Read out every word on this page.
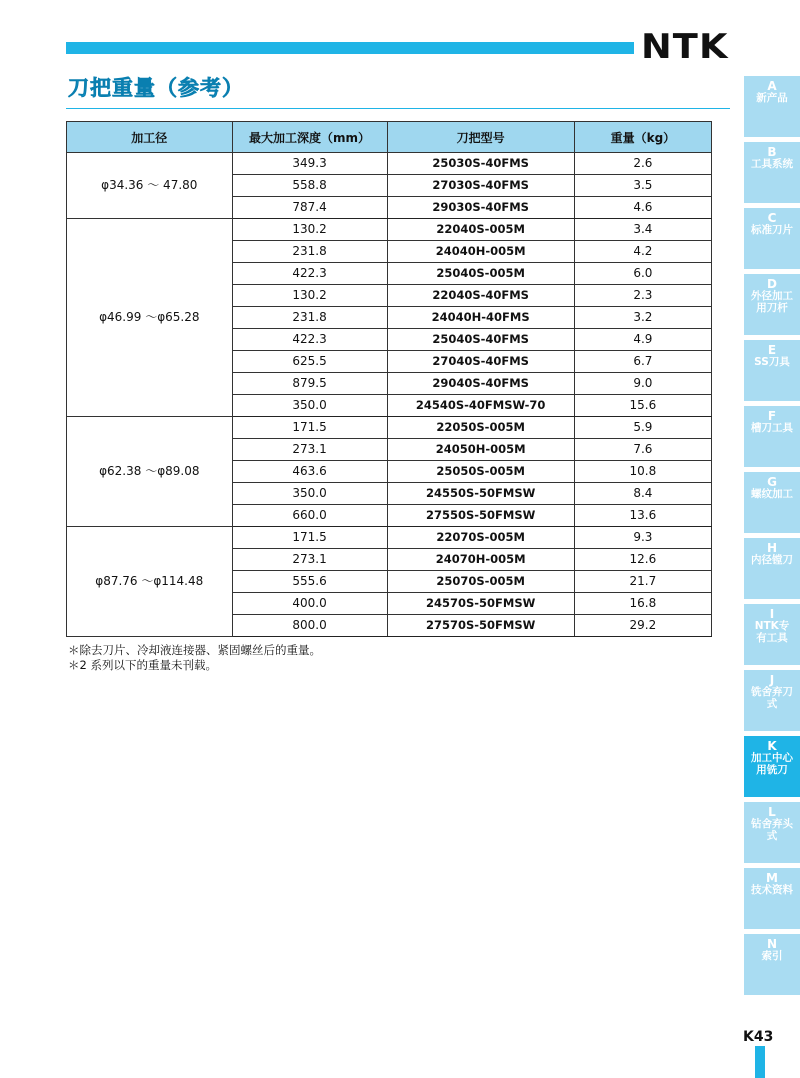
NTK
刀把重量（参考）
加工径	最大加工深度（mm）	刀把型号	重量（kg）
φ34.36 ～ 47.80	349.3	25030S-40FMS	2.6
	558.8	27030S-40FMS	3.5
	787.4	29030S-40FMS	4.6
φ46.99 ～φ65.28	130.2	22040S-005M	3.4
	231.8	24040H-005M	4.2
	422.3	25040S-005M	6.0
	130.2	22040S-40FMS	2.3
	231.8	24040H-40FMS	3.2
	422.3	25040S-40FMS	4.9
	625.5	27040S-40FMS	6.7
	879.5	29040S-40FMS	9.0
	350.0	24540S-40FMSW-70	15.6
φ62.38 ～φ89.08	171.5	22050S-005M	5.9
	273.1	24050H-005M	7.6
	463.6	25050S-005M	10.8
	350.0	24550S-50FMSW	8.4
	660.0	27550S-50FMSW	13.6
φ87.76 ～φ114.48	171.5	22070S-005M	9.3
	273.1	24070H-005M	12.6
	555.6	25070S-005M	21.7
	400.0	24570S-50FMSW	16.8
	800.0	27570S-50FMSW	29.2
＊除去刀片、冷却液连接器、紧固螺丝后的重量。
＊2 系列以下的重量未刊载。
A
新产品
B
工具系统
C
标准刀片
D
外径加工用刀杆
E
SS刀具
F
槽刀工具
G
螺纹加工
H
内径镗刀
I
NTK专有工具
J
铣舍弃刀式
K
加工中心用铣刀
L
钻舍弃头式
M
技术资料
N
索引
K43
